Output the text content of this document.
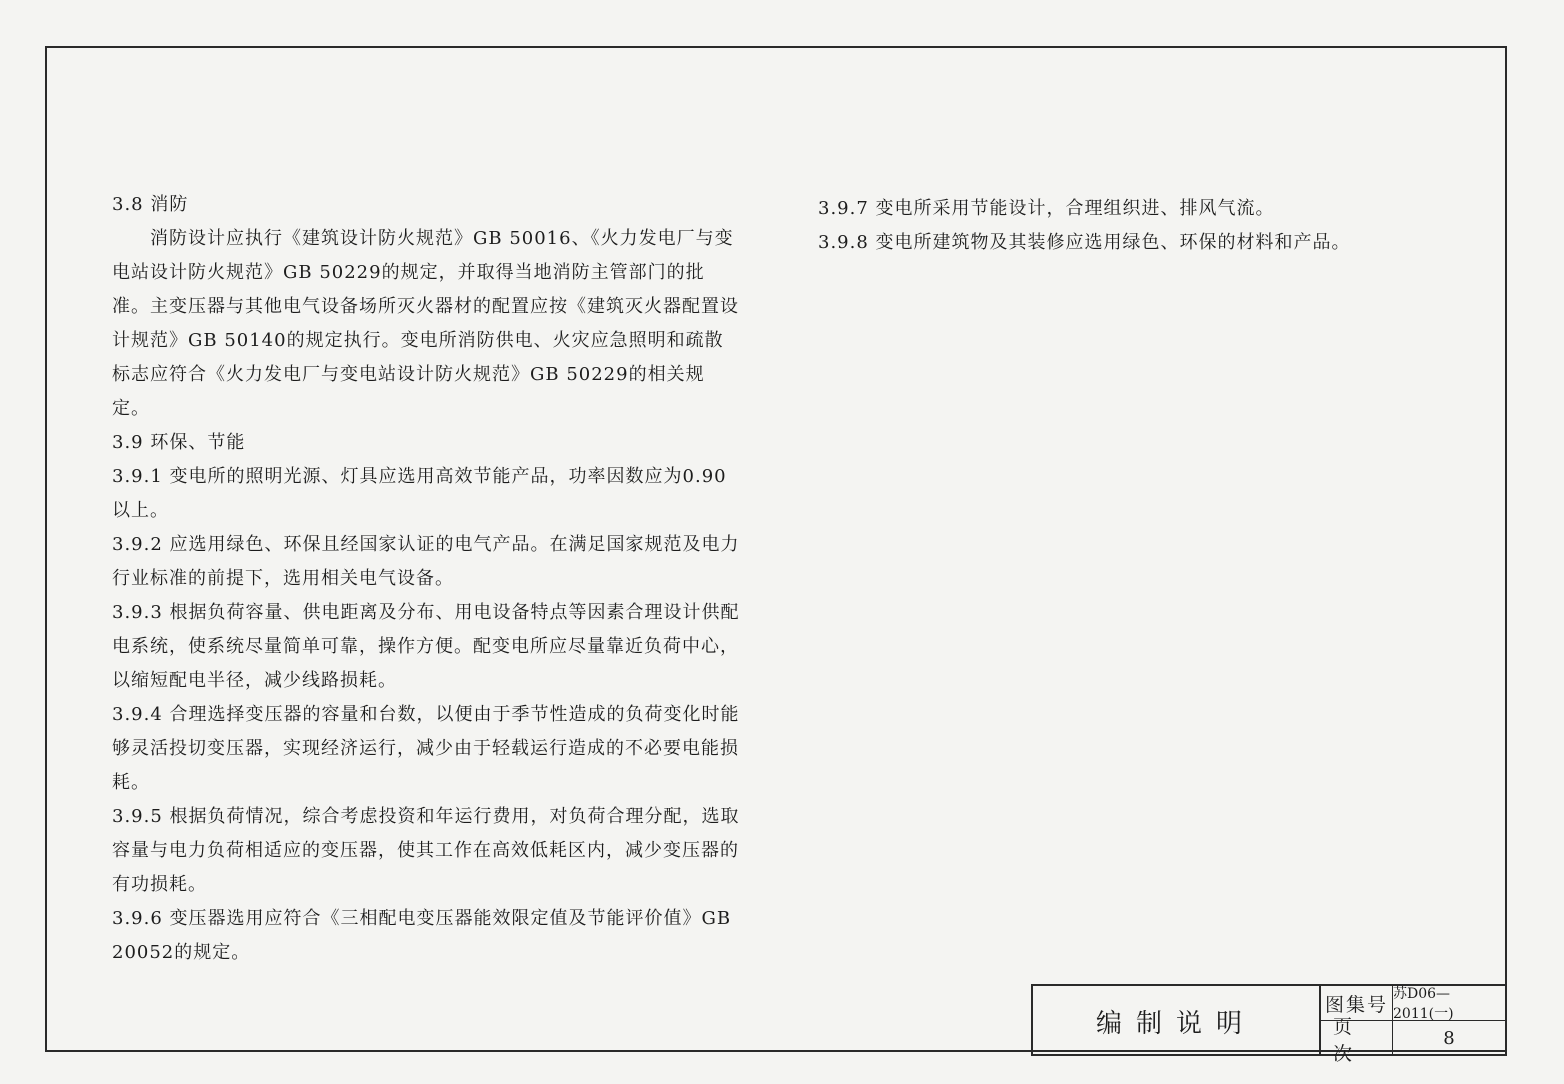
3.8 消防

消防设计应执行《建筑设计防火规范》GB 50016、《火力发电厂与变电站设计防火规范》GB 50229的规定，并取得当地消防主管部门的批准。主变压器与其他电气设备场所灭火器材的配置应按《建筑灭火器配置设计规范》GB 50140的规定执行。变电所消防供电、火灾应急照明和疏散标志应符合《火力发电厂与变电站设计防火规范》GB 50229的相关规定。

3.9 环保、节能

3.9.1 变电所的照明光源、灯具应选用高效节能产品，功率因数应为0.90以上。

3.9.2 应选用绿色、环保且经国家认证的电气产品。在满足国家规范及电力行业标准的前提下，选用相关电气设备。

3.9.3 根据负荷容量、供电距离及分布、用电设备特点等因素合理设计供配电系统，使系统尽量简单可靠，操作方便。配变电所应尽量靠近负荷中心，以缩短配电半径，减少线路损耗。

3.9.4 合理选择变压器的容量和台数，以便由于季节性造成的负荷变化时能够灵活投切变压器，实现经济运行，减少由于轻载运行造成的不必要电能损耗。

3.9.5 根据负荷情况，综合考虑投资和年运行费用，对负荷合理分配，选取容量与电力负荷相适应的变压器，使其工作在高效低耗区内，减少变压器的有功损耗。

3.9.6 变压器选用应符合《三相配电变压器能效限定值及节能评价值》GB 20052的规定。

3.9.7 变电所采用节能设计，合理组织进、排风气流。

3.9.8 变电所建筑物及其装修应选用绿色、环保的材料和产品。

编制说明
图集号 苏D06—2011(一)
页次
8
